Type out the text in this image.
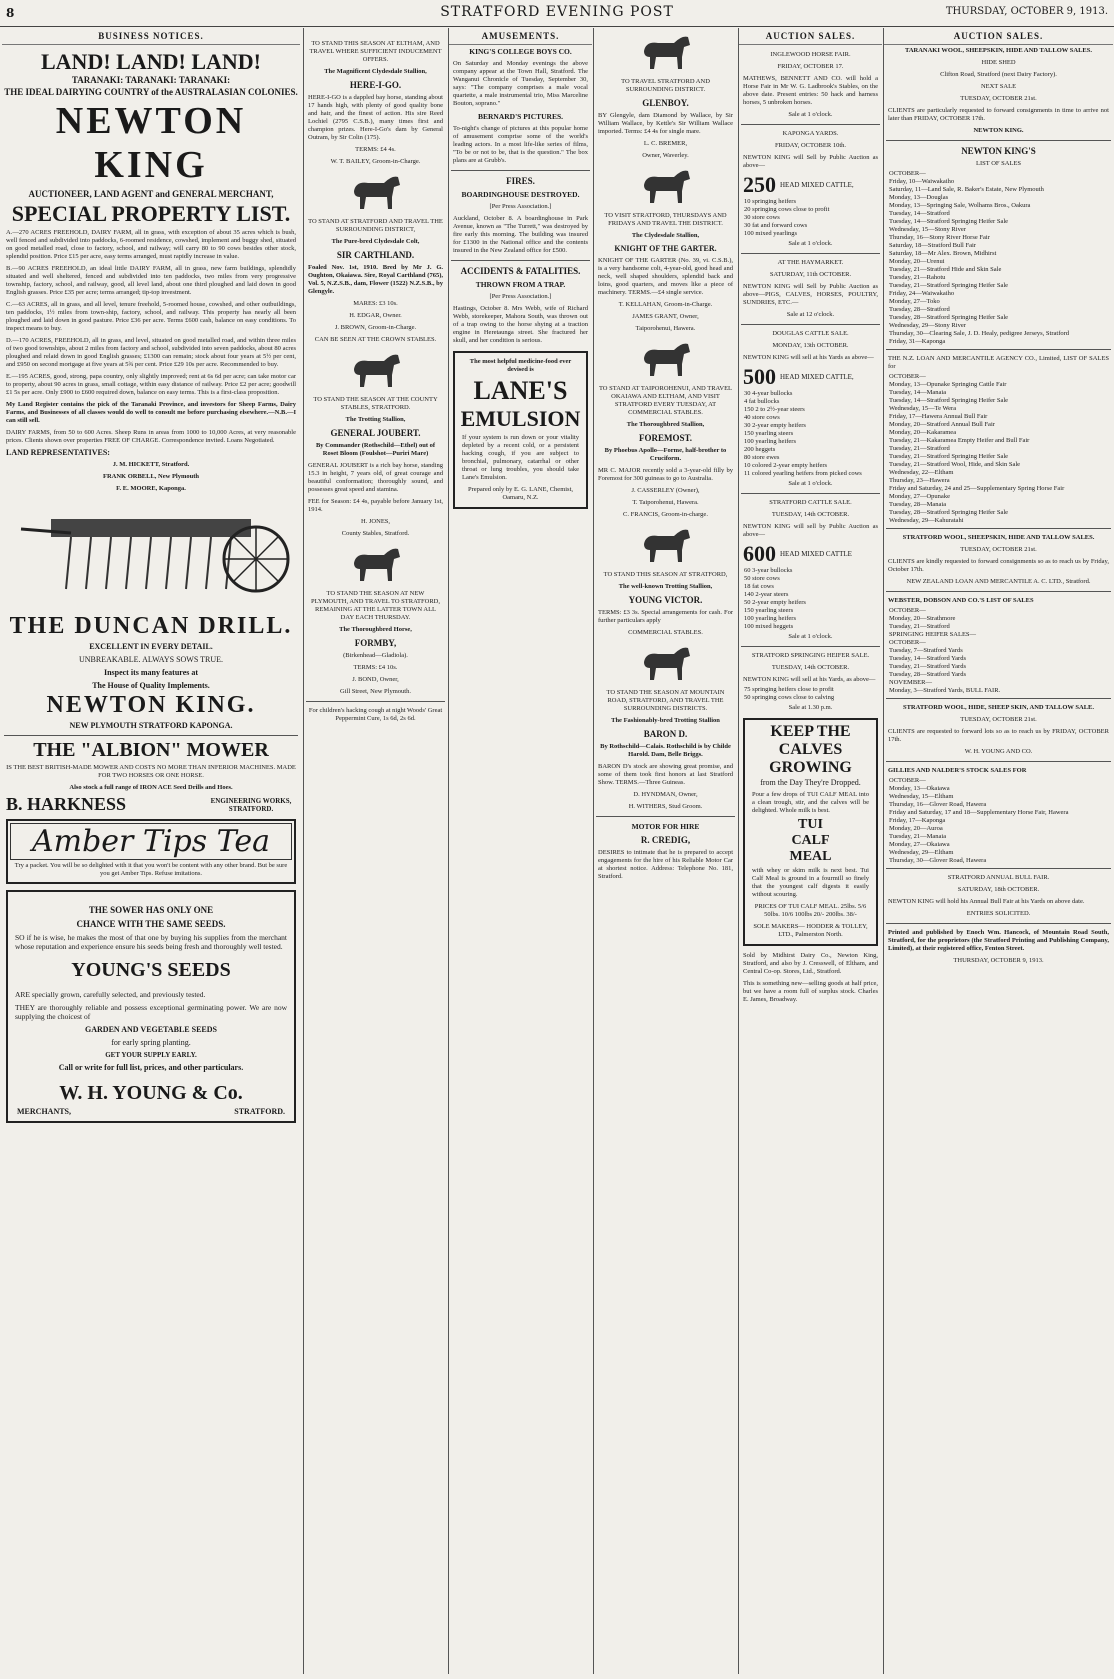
8	STRATFORD EVENING POST	THURSDAY, OCTOBER 9, 1913.
BUSINESS NOTICES.
LAND! LAND! LAND!
TARANAKI: TARANAKI: TARANAKI:
THE IDEAL DAIRYING COUNTRY of the AUSTRALASIAN COLONIES.
NEWTON KING
AUCTIONEER, LAND AGENT and GENERAL MERCHANT,
SPECIAL PROPERTY LIST.
A.—270 ACRES FREEHOLD, DAIRY FARM, all in grass, with exception of about 35 acres which is bush, well fenced and subdivided into paddocks, 6-roomed residence, cowshed, implement and buggy shed, situated on good metalled road, close to factory, school, and railway; will carry 80 to 90 cows besides other stock, splendid position. Price £15 per acre, easy terms arranged, must rapidly increase in value.
B.—90 ACRES FREEHOLD, an ideal little DAIRY FARM, all in grass, new farm buildings, splendidly situated and well sheltered, fenced and subdivided into ten paddocks, two miles from very progressive township, factory, school, and railway, good, all level land, about one third ploughed and laid down in good English grasses. Price £35 per acre; terms arranged; tip-top investment.
C.—63 ACRES, all in grass, and all level, tenure freehold, 5-roomed house, cowshed, and other outbuildings, ten paddocks, 1½ miles from town-ship, factory, school, and railway. This property has nearly all been ploughed and laid down in good pasture. Price £36 per acre. Terms £600 cash, balance on easy conditions. To inspect means to buy.
D.—170 ACRES, FREEHOLD, all in grass, and level, situated on good metalled road, and within three miles of two good townships, about 2 miles from factory and school, subdivided into seven paddocks, about 80 acres ploughed and relaid down in good English grasses; £1300 can remain; stock about four years at 5½ per cent, and £950 on second mortgage at five years at 5¾ per cent. Price £29 10s per acre. Recommended to buy.
E.—195 ACRES, good, strong, papa country, only slightly improved; rent at 6s 6d per acre; can take motor car to property, about 90 acres in grass, small cottage, within easy distance of railway. Price £2 per acre; goodwill £1 5s per acre. Only £900 to £600 required down, balance on easy terms. This is a first-class proposition.
My Land Register contains the pick of the Taranaki Province, and investors for Sheep Farms, Dairy Farms, and Businesses of all classes would do well to consult me before purchasing elsewhere.—N.B.—I can still sell.
DAIRY FARMS, from 50 to 600 Acres. Sheep Runs in areas from 1000 to 10,000 Acres, at very reasonable prices. Clients shown over properties FREE OF CHARGE. Correspondence invited. Loans Negotiated.
LAND REPRESENTATIVES:
J. M. HICKETT, Stratford.
FRANK ORBELL, New Plymouth
F. E. MOORE, Kaponga.
THE DUNCAN DRILL.
EXCELLENT IN EVERY DETAIL.
UNBREAKABLE. ALWAYS SOWS TRUE.
Inspect its many features at
The House of Quality Implements.
NEWTON KING.
NEW PLYMOUTH STRATFORD KAPONGA.
THE "ALBION" MOWER
IS THE BEST BRITISH-MADE MOWER AND COSTS NO MORE THAN INFERIOR MACHINES. MADE FOR TWO HORSES OR ONE HORSE.
Also stock a full range of IRON ACE Seed Drills and Hoes.
B. HARKNESS	ENGINEERING WORKS, STRATFORD.
Amber Tips Tea
Try a packet. You will be so delighted with it that you won't be content with any other brand. But be sure you get Amber Tips. Refuse imitations.
THE SOWER HAS ONLY ONE
CHANCE WITH THE SAME SEEDS.
SO if he is wise, he makes the most of that one by buying his supplies from the merchant whose reputation and experience ensure his seeds being fresh and thoroughly well tested.
YOUNG'S SEEDS
ARE specially grown, carefully selected, and previously tested.
THEY are thoroughly reliable and possess exceptional germinating power. We are now supplying the choicest of
GARDEN AND VEGETABLE SEEDS
for early spring planting.
GET YOUR SUPPLY EARLY.
Call or write for full list, prices, and other particulars.
W. H. YOUNG & Co.
MERCHANTS,	STRATFORD.
TO STAND THIS SEASON AT ELTHAM, AND TRAVEL WHERE SUFFICIENT INDUCEMENT OFFERS.
The Magnificent Clydesdale Stallion,
HERE-I-GO.
HERE-I-GO is a dappled bay horse, standing about 17 hands high, with plenty of good quality bone and hair, and the finest of action. His sire Reed Lochiel (2795 C.S.B.), many times first and champion prizes. Here-I-Go's dam by General Outram, by Sir Colin (175).
TERMS: £4 4s.
W. T. BAILEY, Groom-in-Charge.
TO STAND AT STRATFORD AND TRAVEL THE SURROUNDING DISTRICT,
The Pure-bred Clydesdale Colt,
SIR CARTHLAND.
Foaled Nov. 1st, 1910. Bred by Mr J. G. Oughton, Okaiawa. Sire, Royal Carthland (765), Vol. 5, N.Z.S.B., dam, Flower (1522) N.Z.S.B., by Glengyle.
MARES: £3 10s.
H. EDGAR, Owner.
J. BROWN, Groom-in-Charge.
CAN BE SEEN AT THE CROWN STABLES.
TO STAND THE SEASON AT THE COUNTY STABLES, STRATFORD.
The Trotting Stallion,
GENERAL JOUBERT.
By Commander (Rothschild—Ethel) out of Roset Bloom (Foulshot—Puriri Mare)
GENERAL JOUBERT is a rich bay horse, standing 15.3 in height, 7 years old, of great courage and beautiful conformation; thoroughly sound, and possesses great speed and stamina.
FEE for Season: £4 4s, payable before January 1st, 1914.
H. JONES,
County Stables, Stratford.
TO STAND THE SEASON AT NEW PLYMOUTH, AND TRAVEL TO STRATFORD, REMAINING AT THE LATTER TOWN ALL DAY EACH THURSDAY.
The Thoroughbred Horse,
FORMBY,
(Birkenhead—Gladiola).
TERMS: £4 10s.
J. BOND, Owner,
Gill Street, New Plymouth.
For children's hacking cough at night Woods' Great Peppermint Cure, 1s 6d, 2s 6d.
AMUSEMENTS.
KING'S COLLEGE BOYS CO.
On Saturday and Monday evenings the above company appear at the Town Hall, Stratford. The Wanganui Chronicle of Tuesday, September 30, says: "The company comprises a male vocal quartette, a male instrumental trio, Miss Marceline Bouton, soprano."
BERNARD'S PICTURES.
To-night's change of pictures at this popular home of amusement comprise some of the world's leading actors. In a most life-like series of films, "To be or not to be, that is the question." The box plans are at Grubb's.
FIRES.
BOARDINGHOUSE DESTROYED.
[Per Press Association.]
Auckland, October 8. A boardinghouse in Park Avenue, known as "The Turrett," was destroyed by fire early this morning. The building was insured for £1300 in the National office and the contents insured in the New Zealand office for £500.
ACCIDENTS & FATALITIES.
THROWN FROM A TRAP.
[Per Press Association.]
Hastings, October 8. Mrs Webb, wife of Richard Webb, storekeeper, Mahora South, was thrown out of a trap owing to the horse shying at a traction engine in Heretaunga street. She fractured her skull, and her condition is serious.
The most helpful medicine-food ever devised is
LANE'S
EMULSION
If your system is run down or your vitality depleted by a recent cold, or a persistent hacking cough, if you are subject to bronchial, pulmonary, catarrhal or other throat or lung troubles, you should take Lane's Emulsion.
Prepared only by E. G. LANE, Chemist, Oamaru, N.Z.
TO TRAVEL STRATFORD AND SURROUNDING DISTRICT.
GLENBOY.
BY Glengyle, dam Diamond by Wallace, by Sir William Wallace, by Kettle's Sir William Wallace imported. Terms: £4 4s for single mare.
L. C. BREMER,
Owner, Waverley.
TO VISIT STRATFORD, THURSDAYS AND FRIDAYS AND TRAVEL THE DISTRICT.
The Clydesdale Stallion,
KNIGHT OF THE GARTER.
KNIGHT OF THE GARTER (No. 39, vi. C.S.B.), is a very handsome colt, 4-year-old, good head and neck, well shaped shoulders, splendid back and loins, good quarters, and moves like a piece of machinery. TERMS.—£4 single service.
T. KELLAHAN, Groom-in-Charge.
JAMES GRANT, Owner,
Taiporohenui, Hawera.
TO STAND AT TAIPOROHENUI, AND TRAVEL OKAIAWA AND ELTHAM, AND VISIT STRATFORD EVERY TUESDAY, AT COMMERCIAL STABLES.
The Thoroughbred Stallion,
FOREMOST.
By Phoebus Apollo—Forme, half-brother to Cruciform.
MR C. MAJOR recently sold a 3-year-old filly by Foremost for 300 guineas to go to Australia.
J. CASSERLEY (Owner),
T. Taiporohenui, Hawera.
C. FRANCIS, Groom-in-charge.
TO STAND THIS SEASON AT STRATFORD,
The well-known Trotting Stallion,
YOUNG VICTOR.
TERMS: £3 3s. Special arrangements for cash. For further particulars apply
COMMERCIAL STABLES.
TO STAND THE SEASON AT MOUNTAIN ROAD, STRATFORD, AND TRAVEL THE SURROUNDING DISTRICTS.
The Fashionably-bred Trotting Stallion
BARON D.
By Rothschild—Calais. Rothschild is by Childe Harold. Dam, Belle Briggs.
BARON D's stock are showing great promise, and some of them took first honors at last Stratford Show. TERMS.—Three Guineas.
D. HYNDMAN, Owner,
H. WITHERS, Stud Groom.
MOTOR FOR HIRE
R. CREDIG,
DESIRES to intimate that he is prepared to accept engagements for the hire of his Reliable Motor Car at shortest notice. Address: Telephone No. 181, Stratford.
AUCTION SALES.
INGLEWOOD HORSE FAIR.
FRIDAY, OCTOBER 17.
MATHEWS, BENNETT AND CO. will hold a Horse Fair in Mr W. G. Ladbrook's Stables, on the above date. Present entries: 50 hack and harness horses, 5 unbroken horses.
Sale at 1 o'clock.
KAPONGA YARDS.
FRIDAY, OCTOBER 10th.
NEWTON KING will Sell by Public Auction as above—
250 HEAD MIXED CATTLE,
10 springing heifers
20 springing cows close to profit
30 store cows
30 fat and forward cows
100 mixed yearlings
Sale at 1 o'clock.
AT THE HAYMARKET.
SATURDAY, 11th OCTOBER.
NEWTON KING will Sell by Public Auction as above—PIGS, CALVES, HORSES, POULTRY, SUNDRIES, ETC.—
Sale at 12 o'clock.
DOUGLAS CATTLE SALE.
MONDAY, 13th OCTOBER.
NEWTON KING will sell at his Yards as above—
500 HEAD MIXED CATTLE,
30 4-year bullocks
4 fat bullocks
150 2 to 2½-year steers
40 store cows
30 2-year empty heifers
150 yearling steers
100 yearling heifers
200 heggets
80 store ewes
10 colored 2-year empty heifers
11 colored yearling heifers from picked cows
Sale at 1 o'clock.
STRATFORD CATTLE SALE.
TUESDAY, 14th OCTOBER.
NEWTON KING will sell by Public Auction as above—
600 HEAD MIXED CATTLE
60 3-year bullocks
50 store cows
18 fat cows
140 2-year steers
50 2-year empty heifers
150 yearling steers
100 yearling heifers
100 mixed heggets
Sale at 1 o'clock.
STRATFORD SPRINGING HEIFER SALE.
TUESDAY, 14th OCTOBER.
NEWTON KING will sell at his Yards, as above—
75 springing heifers close to profit
50 springing cows close to calving
Sale at 1.30 p.m.
KEEP THE
CALVES
GROWING
from the Day They're Dropped.
Pour a few drops of TUI CALF MEAL into a clean trough, stir, and the calves will be delighted. Whole milk is best.
TUI
CALF
MEAL
with whey or skim milk is next best. Tui Calf Meal is ground in a fourmill so finely that the youngest calf digests it easily without scouring.
PRICES OF TUI CALF MEAL. 25lbs. 5/6 50lbs. 10/6 100lbs 20/- 200lbs. 38/-
SOLE MAKERS— HODDER & TOLLEY, LTD., Palmerston North.
Sold by Midhirst Dairy Co., Newton King, Stratford, and also by J. Cresswell, of Eltham, and Central Co-op. Stores, Ltd., Stratford.
This is something new—selling goods at half price, but we have a room full of surplus stock. Charles E. James, Broadway.
AUCTION SALES.
TARANAKI WOOL, SHEEPSKIN, HIDE AND TALLOW SALES.
HIDE SHED
Clifton Road, Stratford (next Dairy Factory).
NEXT SALE
TUESDAY, OCTOBER 21st.
CLIENTS are particularly requested to forward consignments in time to arrive not later than FRIDAY, OCTOBER 17th.
NEWTON KING.
NEWTON KING'S
LIST OF SALES
OCTOBER—
Friday, 10—Waiwakaiho
Saturday, 11—Land Sale, R. Baker's Estate, New Plymouth
Monday, 13—Douglas
Monday, 13—Springing Sale, Wolhams Bros., Oakura
Tuesday, 14—Stratford
Tuesday, 14—Stratford Springing Heifer Sale
Wednesday, 15—Stony River
Thursday, 16—Stony River Horse Fair
Saturday, 18—Stratford Bull Fair
Saturday, 18—Mr Alex. Brown, Midhirst
Monday, 20—Urenui
Tuesday, 21—Stratford Hide and Skin Sale
Tuesday, 21—Rahotu
Tuesday, 21—Stratford Springing Heifer Sale
Friday, 24—Waiwakaiho
Monday, 27—Toko
Tuesday, 28—Stratford
Tuesday, 28—Stratford Springing Heifer Sale
Wednesday, 29—Stony River
Thursday, 30—Clearing Sale, J. D. Healy, pedigree Jerseys, Stratford
Friday, 31—Kaponga
THE N.Z. LOAN AND MERCANTILE AGENCY CO., Limited, LIST OF SALES for
OCTOBER—
Monday, 13—Opunake Springing Cattle Fair
Tuesday, 14—Manaia
Tuesday, 14—Stratford Springing Heifer Sale
Wednesday, 15—Te Wera
Friday, 17—Hawera Annual Bull Fair
Monday, 20—Stratford Annual Bull Fair
Monday, 20—Kakaramea
Tuesday, 21—Kakaramea Empty Heifer and Bull Fair
Tuesday, 21—Stratford
Tuesday, 21—Stratford Springing Heifer Sale
Tuesday, 21—Stratford Wool, Hide, and Skin Sale
Wednesday, 22—Eltham
Thursday, 23—Hawera
Friday and Saturday, 24 and 25—Supplementary Spring Horse Fair
Monday, 27—Opunake
Tuesday, 28—Manaia
Tuesday, 28—Stratford Springing Heifer Sale
Wednesday, 29—Kahuratahi
STRATFORD WOOL, SHEEPSKIN, HIDE AND TALLOW SALES.
TUESDAY, OCTOBER 21st.
CLIENTS are kindly requested to forward consignments so as to reach us by Friday, October 17th.
NEW ZEALAND LOAN AND MERCANTILE A. C. LTD., Stratford.
WEBSTER, DOBSON AND CO.'S LIST OF SALES
OCTOBER—
Monday, 20—Strathmore
Tuesday, 21—Stratford
SPRINGING HEIFER SALES—
OCTOBER—
Tuesday, 7—Stratford Yards
Tuesday, 14—Stratford Yards
Tuesday, 21—Stratford Yards
Tuesday, 28—Stratford Yards
NOVEMBER—
Monday, 3—Stratford Yards, BULL FAIR.
STRATFORD WOOL, HIDE, SHEEP SKIN, AND TALLOW SALE.
TUESDAY, OCTOBER 21st.
CLIENTS are requested to forward lots so as to reach us by FRIDAY, OCTOBER 17th.
W. H. YOUNG AND CO.
GILLIES AND NALDER'S STOCK SALES FOR
OCTOBER—
Monday, 13—Okaiawa
Wednesday, 15—Eltham
Thursday, 16—Glover Road, Hawera
Friday and Saturday, 17 and 18—Supplementary Horse Fair, Hawera
Friday, 17—Kaponga
Monday, 20—Auroa
Tuesday, 21—Manaia
Monday, 27—Okaiawa
Wednesday, 29—Eltham
Thursday, 30—Glover Road, Hawera
STRATFORD ANNUAL BULL FAIR.
SATURDAY, 18th OCTOBER.
NEWTON KING will hold his Annual Bull Fair at his Yards on above date.
ENTRIES SOLICITED.
Printed and published by Enoch Wm. Hancock, of Mountain Road South, Stratford, for the proprietors (the Stratford Printing and Publishing Company, Limited), at their registered office, Fenton Street.
THURSDAY, OCTOBER 9, 1913.
